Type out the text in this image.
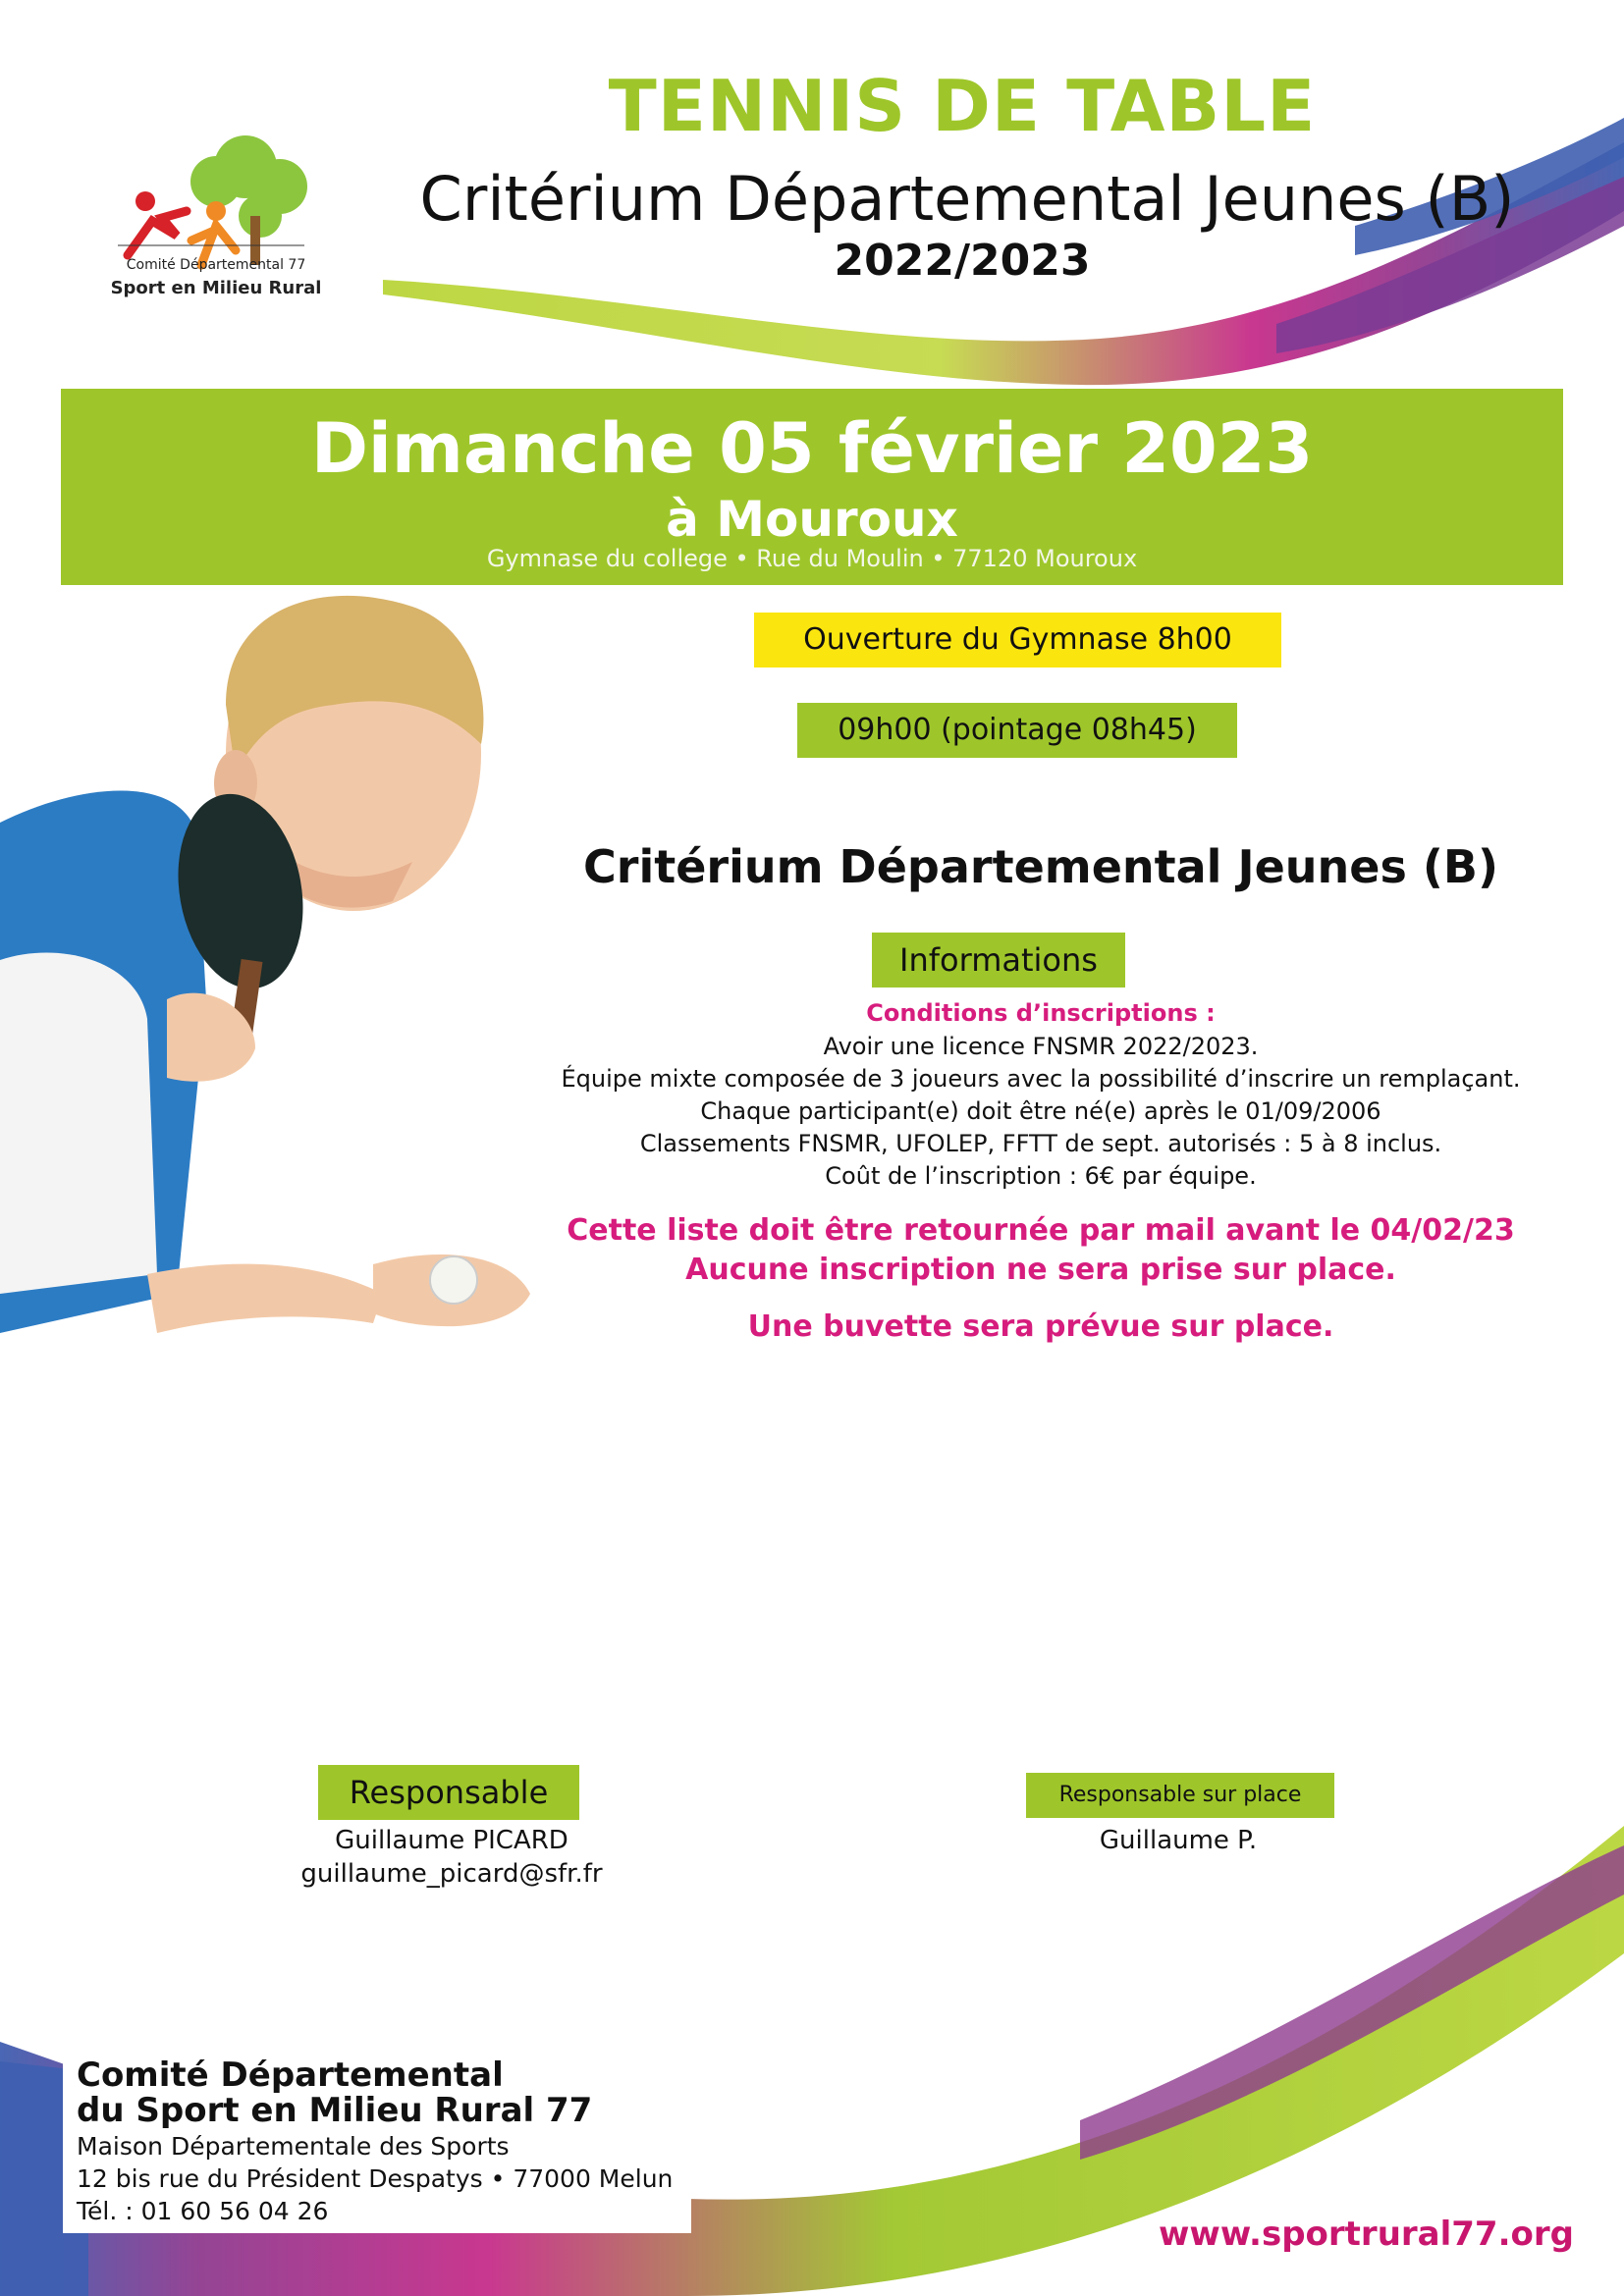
Comité Départemental 77
Sport en Milieu Rural
TENNIS DE TABLE
Critérium Départemental Jeunes (B)
2022/2023
Dimanche 05 février 2023
à Mouroux
Gymnase du college • Rue du Moulin • 77120 Mouroux
Ouverture du Gymnase 8h00
09h00 (pointage 08h45)
Critérium Départemental Jeunes (B)
Informations
Conditions d’inscriptions :
Avoir une licence FNSMR 2022/2023.
Équipe mixte composée de 3 joueurs avec la possibilité d’inscrire un remplaçant.
Chaque participant(e) doit être né(e) après le 01/09/2006
Classements FNSMR, UFOLEP, FFTT de sept. autorisés : 5 à 8 inclus.
Coût de l’inscription : 6€ par équipe.
Cette liste doit être retournée par mail avant le 04/02/23
Aucune inscription ne sera prise sur place.
Une buvette sera prévue sur place.
Responsable
Guillaume PICARD
guillaume_picard@sfr.fr
Responsable sur place
Guillaume P.
Comité Départemental
du Sport en Milieu Rural 77
Maison Départementale des Sports
12 bis rue du Président Despatys • 77000 Melun
Tél. : 01 60 56 04 26
www.sportrural77.org
